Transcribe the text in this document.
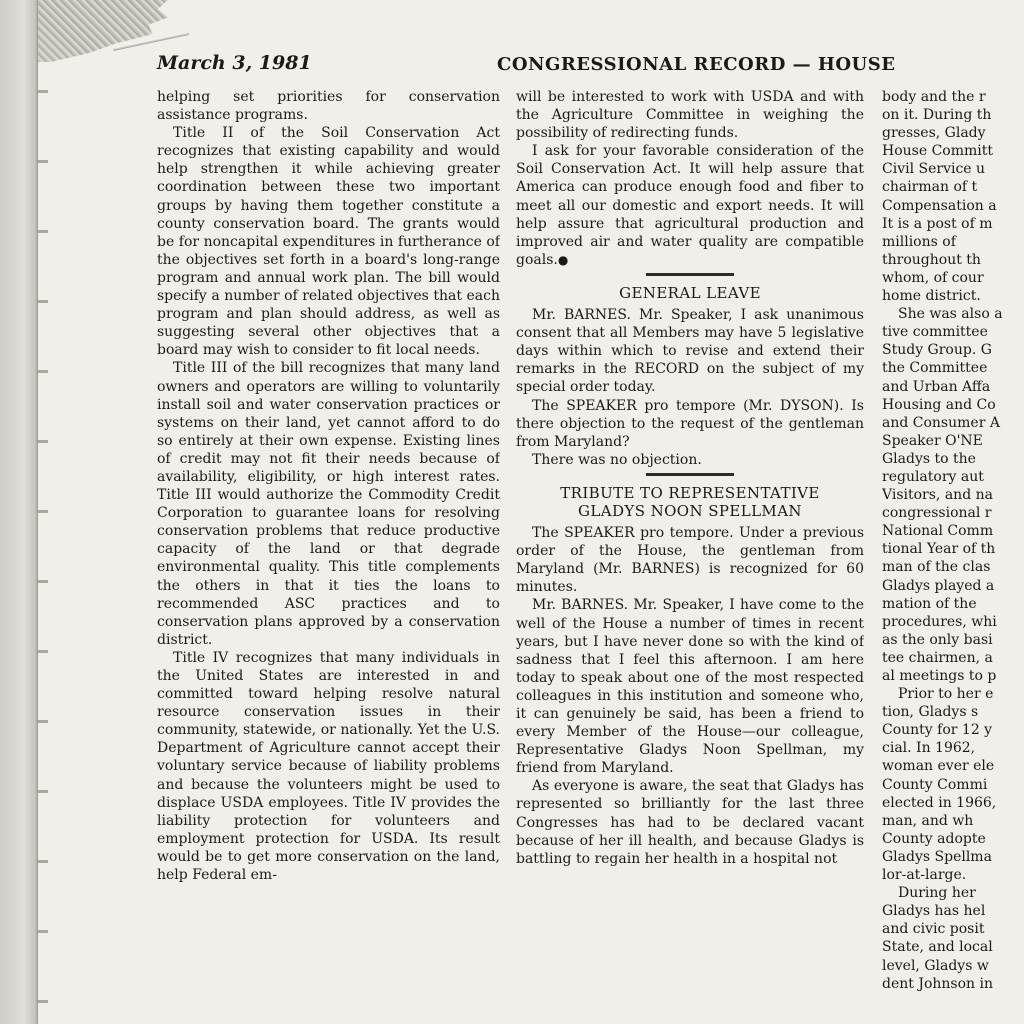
March 3, 1981	CONGRESSIONAL RECORD — HOUSE

helping set priorities for conservation assistance programs.

Title II of the Soil Conservation Act recognizes that existing capability and would help strengthen it while achieving greater coordination between these two important groups by having them together constitute a county conservation board. The grants would be for noncapital expenditures in furtherance of the objectives set forth in a board's long-range program and annual work plan. The bill would specify a number of related objectives that each program and plan should address, as well as suggesting several other objectives that a board may wish to consider to fit local needs.

Title III of the bill recognizes that many land owners and operators are willing to voluntarily install soil and water conservation practices or systems on their land, yet cannot afford to do so entirely at their own expense. Existing lines of credit may not fit their needs because of availability, eligibility, or high interest rates. Title III would authorize the Commodity Credit Corporation to guarantee loans for resolving conservation problems that reduce productive capacity of the land or that degrade environmental quality. This title complements the others in that it ties the loans to recommended ASC practices and to conservation plans approved by a conservation district.

Title IV recognizes that many individuals in the United States are interested in and committed toward helping resolve natural resource conservation issues in their community, statewide, or nationally. Yet the U.S. Department of Agriculture cannot accept their voluntary service because of liability problems and because the volunteers might be used to displace USDA employees. Title IV provides the liability protection for volunteers and employment protection for USDA. Its result would be to get more conservation on the land, help Federal em-

will be interested to work with USDA and with the Agriculture Committee in weighing the possibility of redirecting funds.

I ask for your favorable consideration of the Soil Conservation Act. It will help assure that America can produce enough food and fiber to meet all our domestic and export needs. It will help assure that agricultural production and improved air and water quality are compatible goals.●

GENERAL LEAVE

Mr. BARNES. Mr. Speaker, I ask unanimous consent that all Members may have 5 legislative days within which to revise and extend their remarks in the RECORD on the subject of my special order today.

The SPEAKER pro tempore (Mr. DYSON). Is there objection to the request of the gentleman from Maryland?

There was no objection.

TRIBUTE TO REPRESENTATIVE
GLADYS NOON SPELLMAN

The SPEAKER pro tempore. Under a previous order of the House, the gentleman from Maryland (Mr. BARNES) is recognized for 60 minutes.

Mr. BARNES. Mr. Speaker, I have come to the well of the House a number of times in recent years, but I have never done so with the kind of sadness that I feel this afternoon. I am here today to speak about one of the most respected colleagues in this institution and someone who, it can genuinely be said, has been a friend to every Member of the House—our colleague, Representative Gladys Noon Spellman, my friend from Maryland.

As everyone is aware, the seat that Gladys has represented so brilliantly for the last three Congresses has had to be declared vacant because of her ill health, and because Gladys is battling to regain her health in a hospital not

body and the r

on it. During th

gresses, Glady

House Committ

Civil Service u

chairman of t

Compensation a

It is a post of m

millions of

throughout th

whom, of cour

home district.

She was also a

tive committee

Study Group. G

the Committee

and Urban Affa

Housing and Co

and Consumer A

Speaker O'NE

Gladys to the

regulatory aut

Visitors, and na

congressional r

National Comm

tional Year of th

man of the clas

Gladys played a

mation of the

procedures, whi

as the only basi

tee chairmen, a

al meetings to p

Prior to her e

tion, Gladys s

County for 12 y

cial. In 1962,

woman ever ele

County Commi

elected in 1966,

man, and wh

County adopte

Gladys Spellma

lor-at-large.

During her

Gladys has hel

and civic posit

State, and local

level, Gladys w

dent Johnson in
